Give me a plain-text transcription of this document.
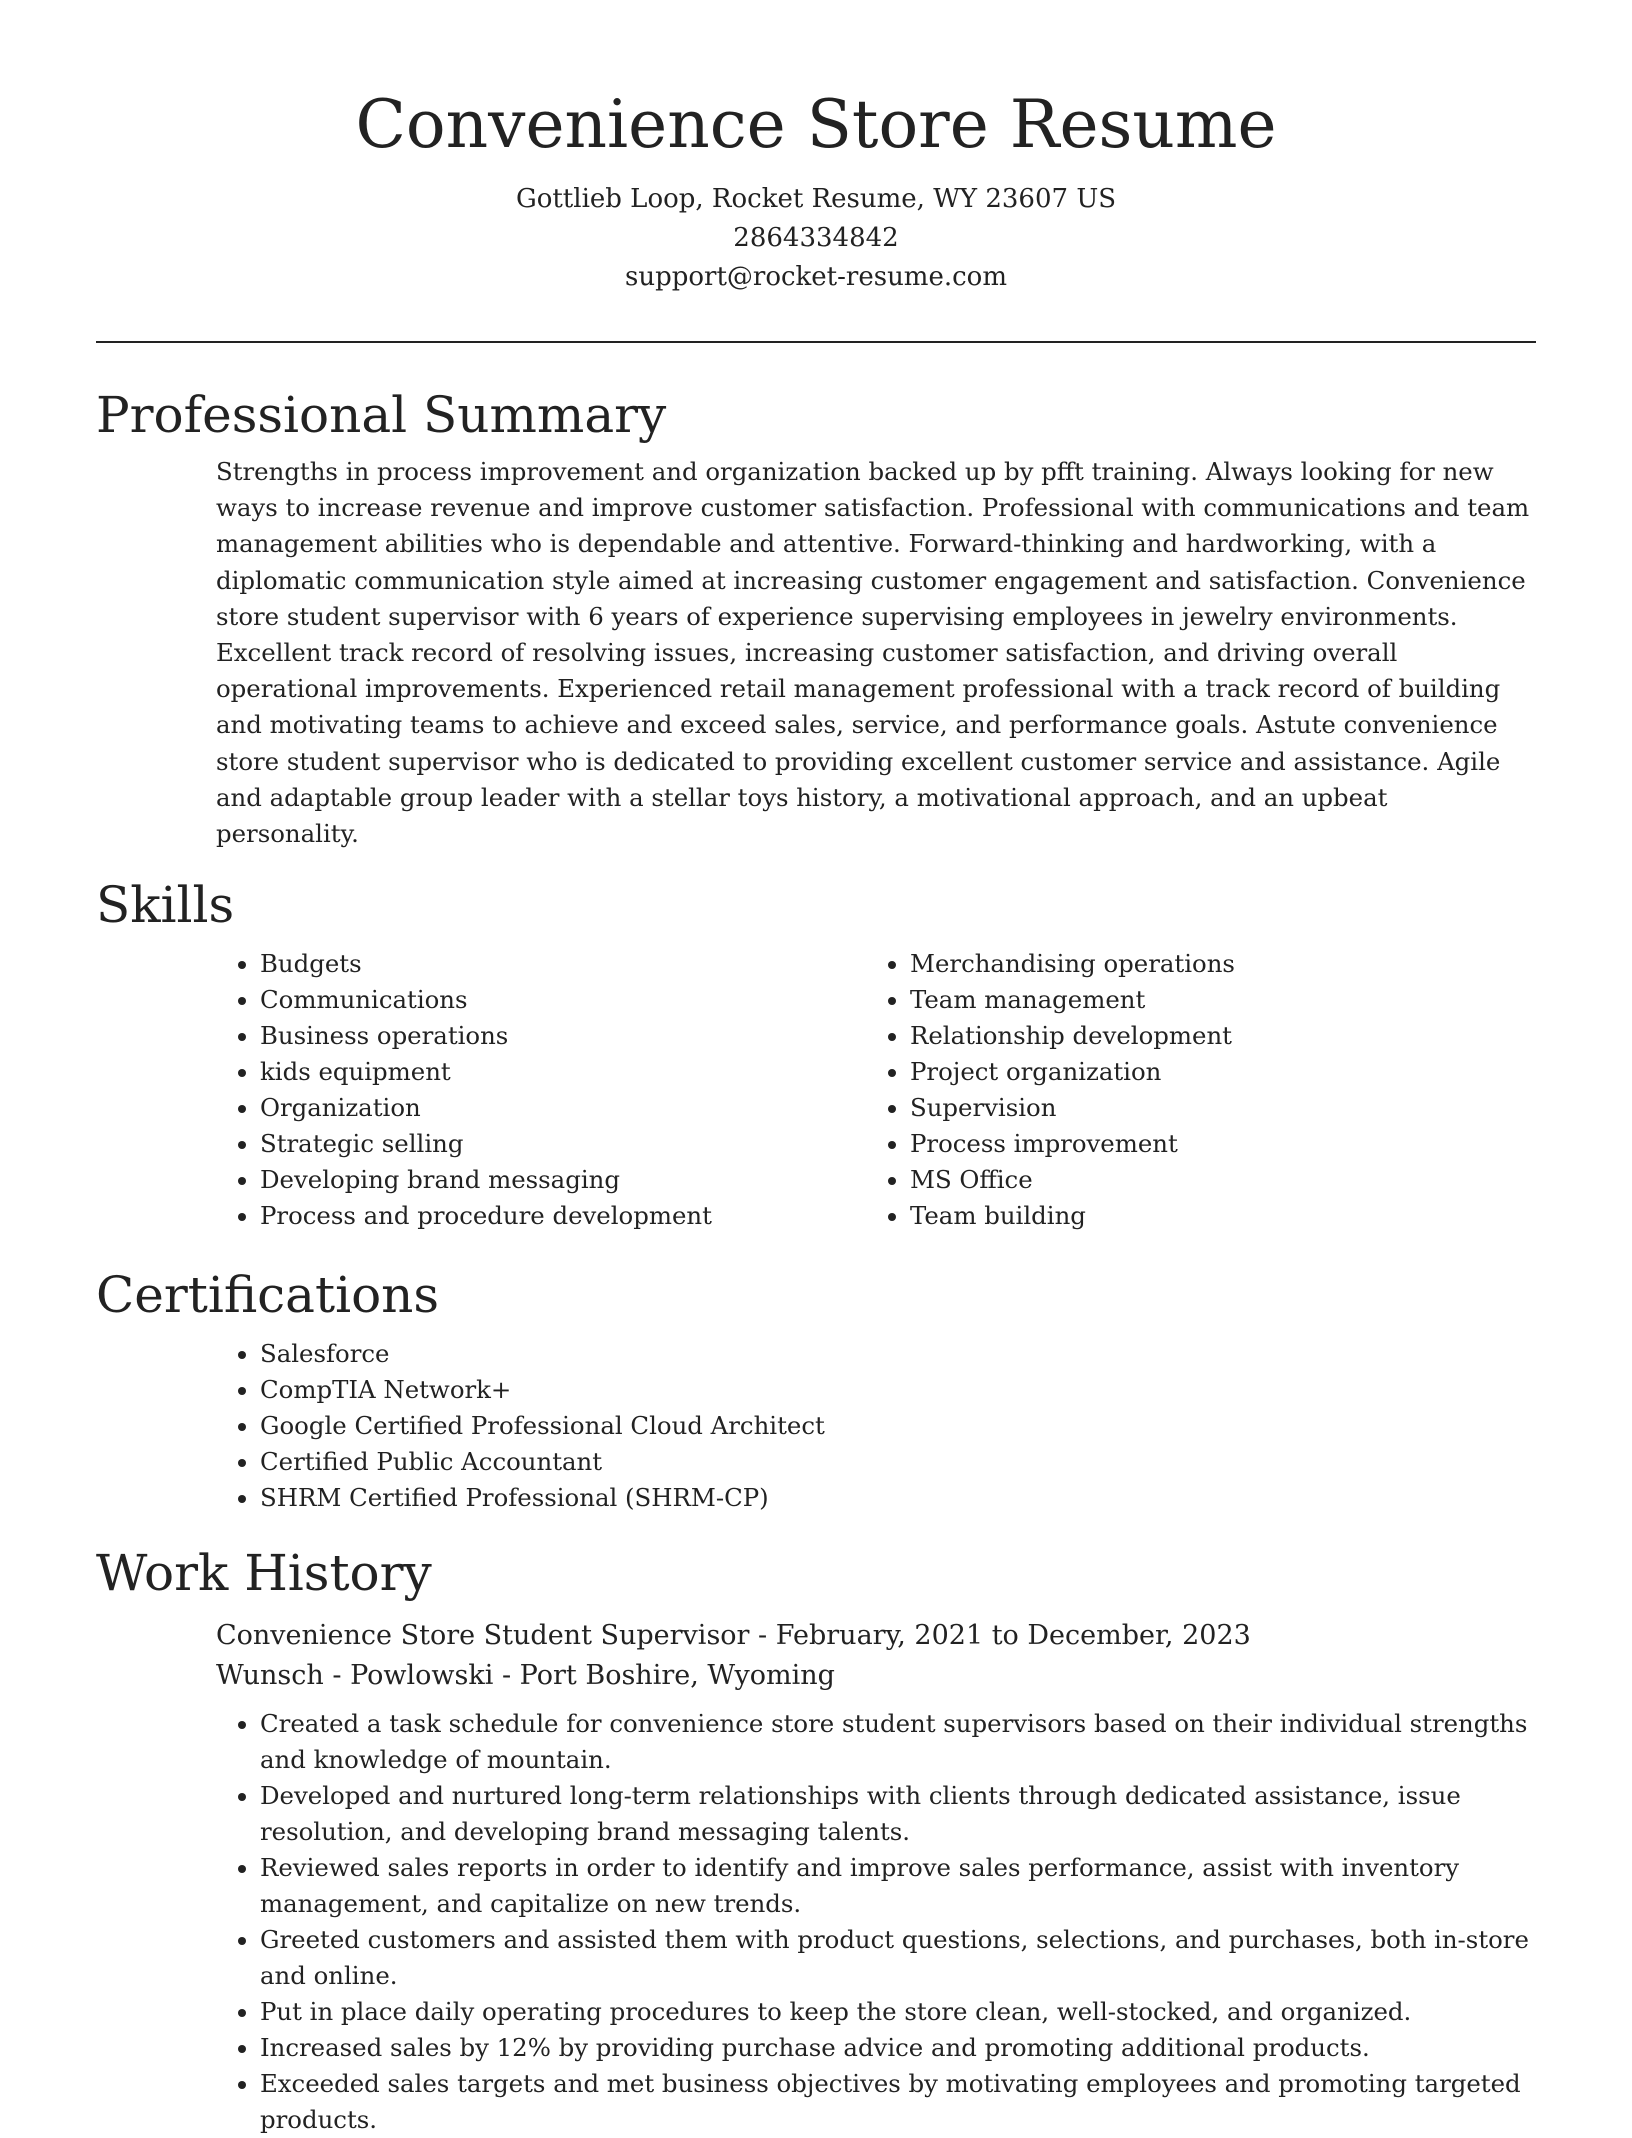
Convenience Store Resume

Gottlieb Loop, Rocket Resume, WY 23607 US

2864334842

support@rocket-resume.com

Professional Summary

Strengths in process improvement and organization backed up by pfft training. Always looking for new ways to increase revenue and improve customer satisfaction. Professional with communications and team management abilities who is dependable and attentive. Forward-thinking and hardworking, with a diplomatic communication style aimed at increasing customer engagement and satisfaction. Convenience store student supervisor with 6 years of experience supervising employees in jewelry environments. Excellent track record of resolving issues, increasing customer satisfaction, and driving overall operational improvements. Experienced retail management professional with a track record of building and motivating teams to achieve and exceed sales, service, and performance goals. Astute convenience store student supervisor who is dedicated to providing excellent customer service and assistance. Agile and adaptable group leader with a stellar toys history, a motivational approach, and an upbeat personality.

Skills
• Budgets
• Communications
• Business operations
• kids equipment
• Organization
• Strategic selling
• Developing brand messaging
• Process and procedure development
• Merchandising operations
• Team management
• Relationship development
• Project organization
• Supervision
• Process improvement
• MS Office
• Team building
Certifications
• Salesforce
• CompTIA Network+
• Google Certified Professional Cloud Architect
• Certified Public Accountant
• SHRM Certified Professional (SHRM-CP)
Work History

Convenience Store Student Supervisor - February, 2021 to December, 2023

Wunsch - Powlowski - Port Boshire, Wyoming

• Created a task schedule for convenience store student supervisors based on their individual strengths and knowledge of mountain.
• Developed and nurtured long-term relationships with clients through dedicated assistance, issue resolution, and developing brand messaging talents.
• Reviewed sales reports in order to identify and improve sales performance, assist with inventory management, and capitalize on new trends.
• Greeted customers and assisted them with product questions, selections, and purchases, both in-store and online.
• Put in place daily operating procedures to keep the store clean, well-stocked, and organized.
• Increased sales by 12% by providing purchase advice and promoting additional products.
• Exceeded sales targets and met business objectives by motivating employees and promoting targeted products.
